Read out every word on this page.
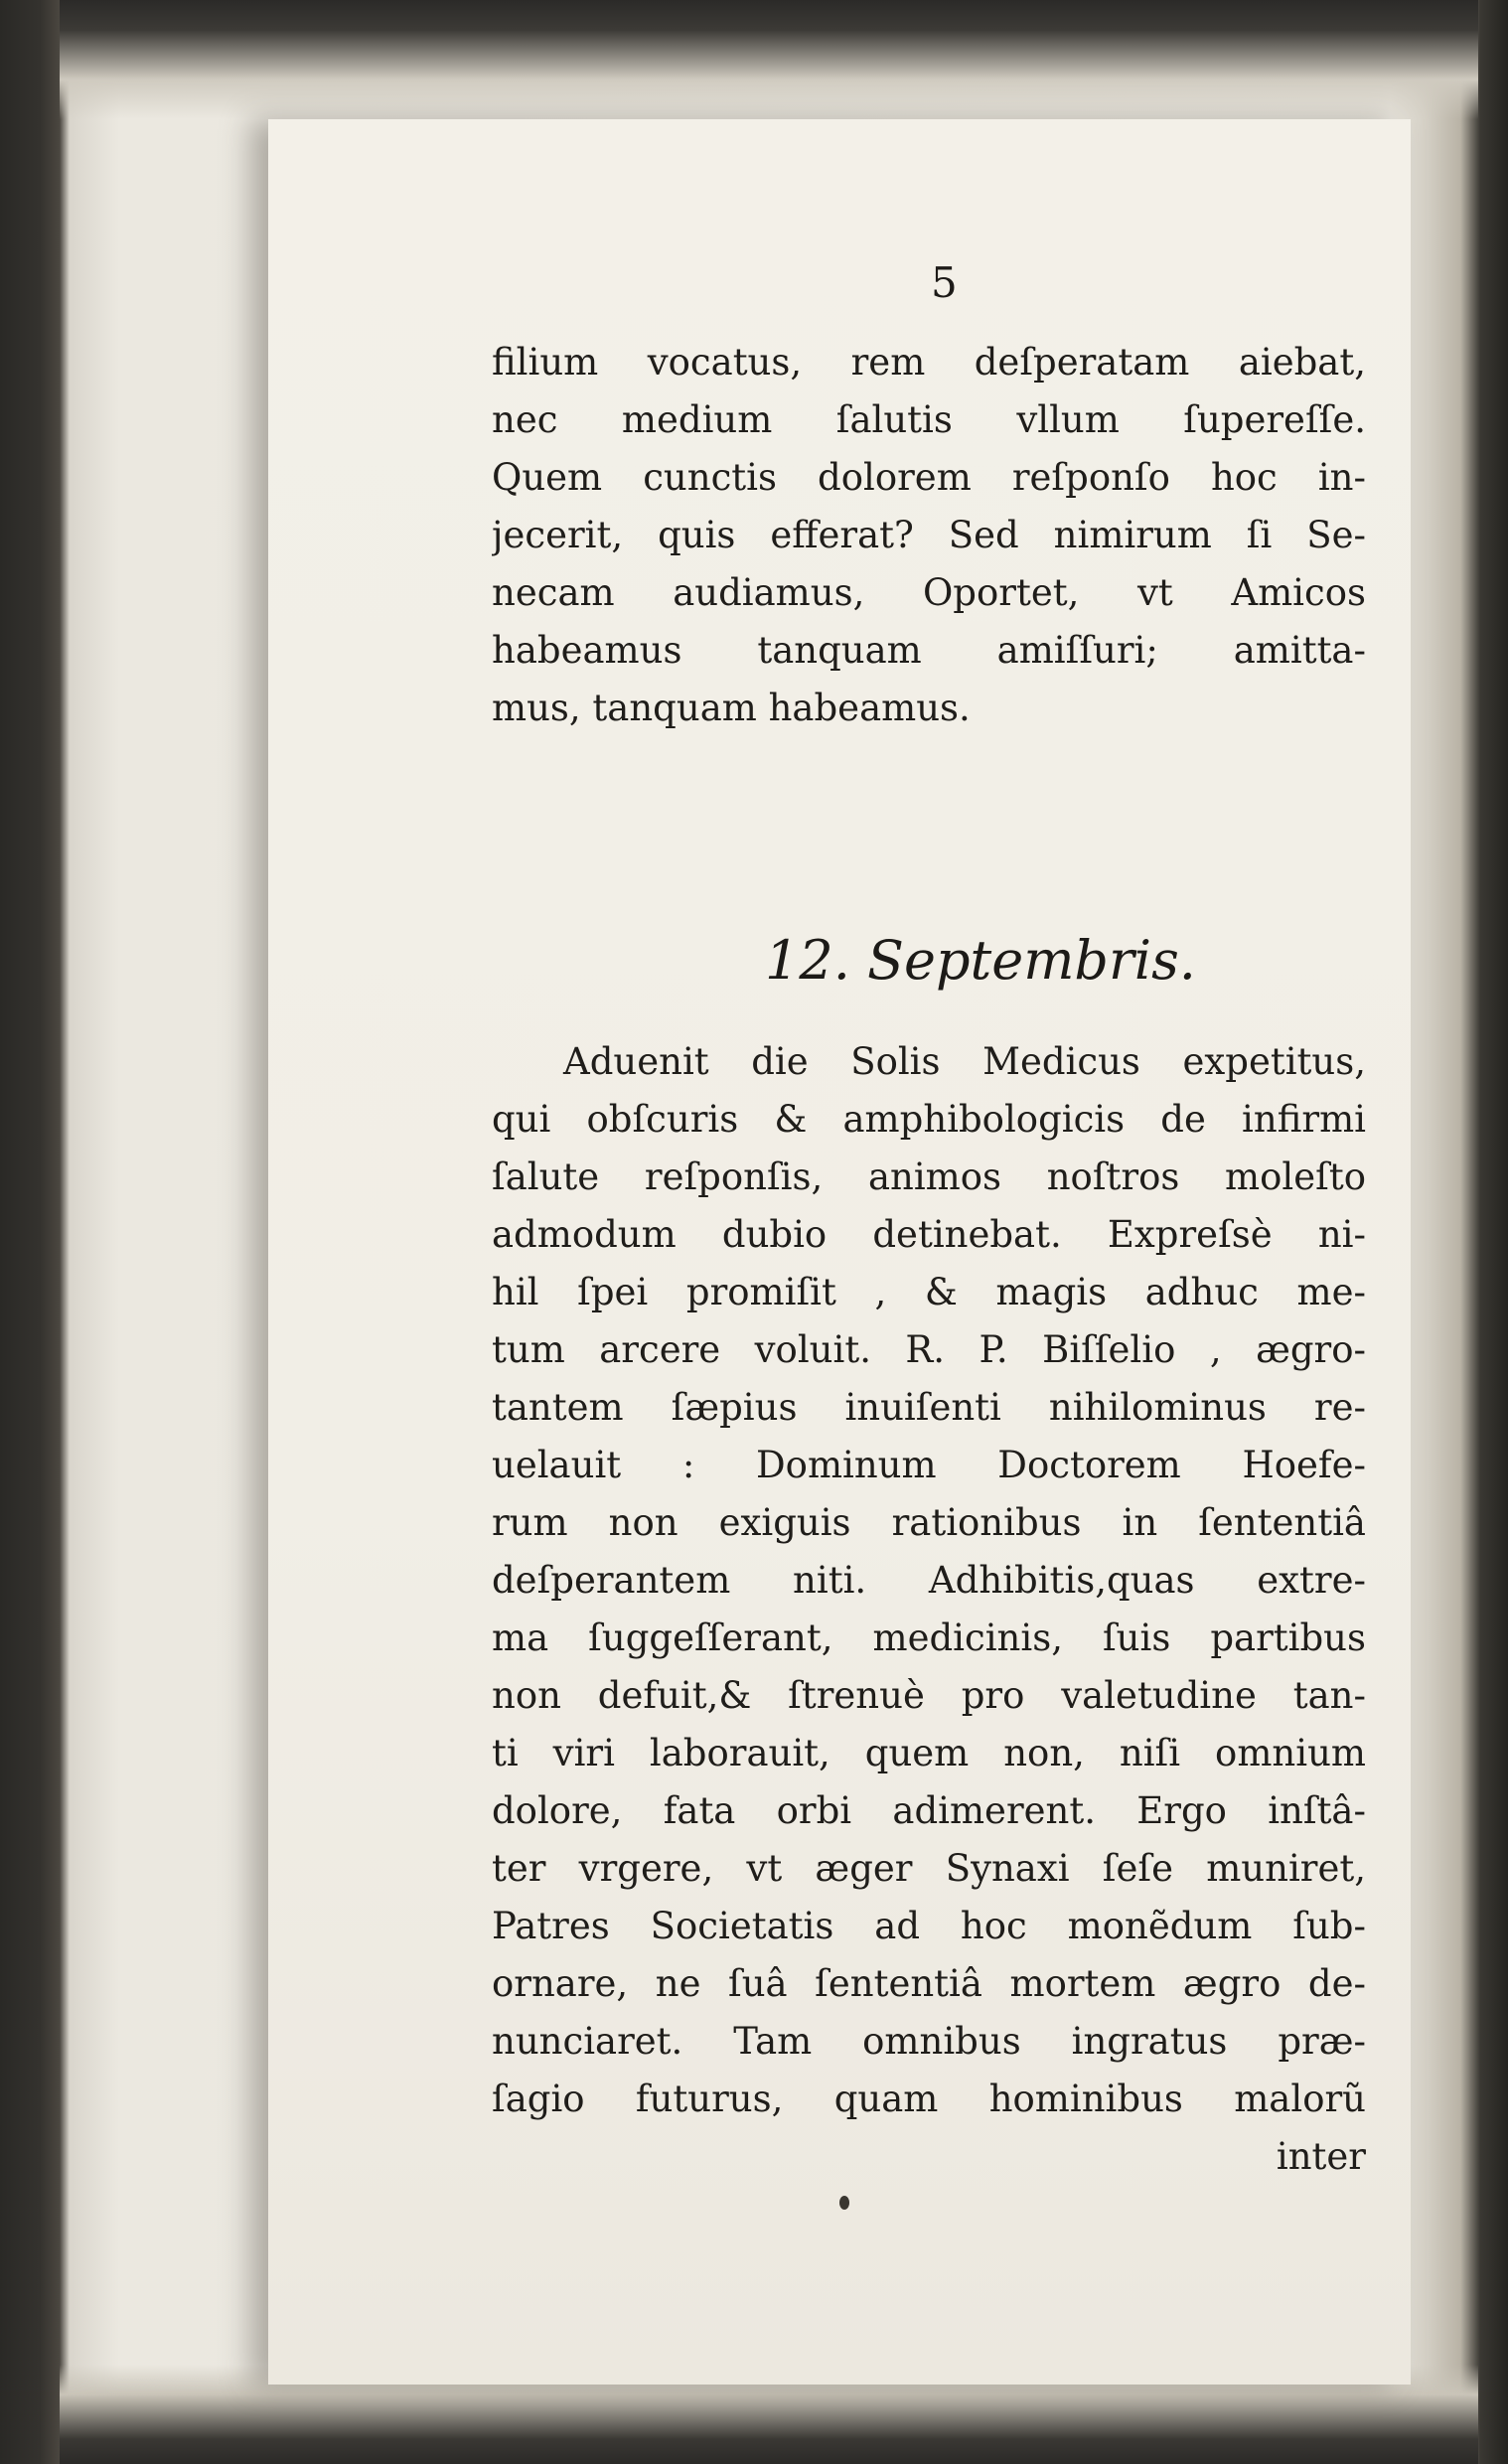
5
filium vocatus, rem deſperatam aiebat,
nec medium ſalutis vllum ſupereſſe.
Quem cunctis dolorem reſponſo hoc in-
jecerit, quis efferat? Sed nimirum ſi Se-
necam audiamus, Oportet, vt Amicos
habeamus tanquam amiſſuri; amitta-
mus, tanquam habeamus.
12. Septembris.
Aduenit die Solis Medicus expetitus,
qui obſcuris & amphibologicis de infirmi
ſalute reſponſis, animos noſtros moleſto
admodum dubio detinebat. Expreſsè ni-
hil ſpei promiſit , & magis adhuc me-
tum arcere voluit. R. P. Biſſelio , ægro-
tantem ſæpius inuiſenti nihilominus re-
uelauit : Dominum Doctorem Hoefe-
rum non exiguis rationibus in ſententiâ
deſperantem niti. Adhibitis,quas extre-
ma ſuggeſſerant, medicinis, ſuis partibus
non defuit,& ſtrenuè pro valetudine tan-
ti viri laborauit, quem non, niſi omnium
dolore, fata orbi adimerent. Ergo inſtâ-
ter vrgere, vt æger Synaxi ſeſe muniret,
Patres Societatis ad hoc monẽdum ſub-
ornare, ne ſuâ ſententiâ mortem ægro de-
nunciaret. Tam omnibus ingratus præ-
ſagio futurus, quam hominibus malorũ
inter
